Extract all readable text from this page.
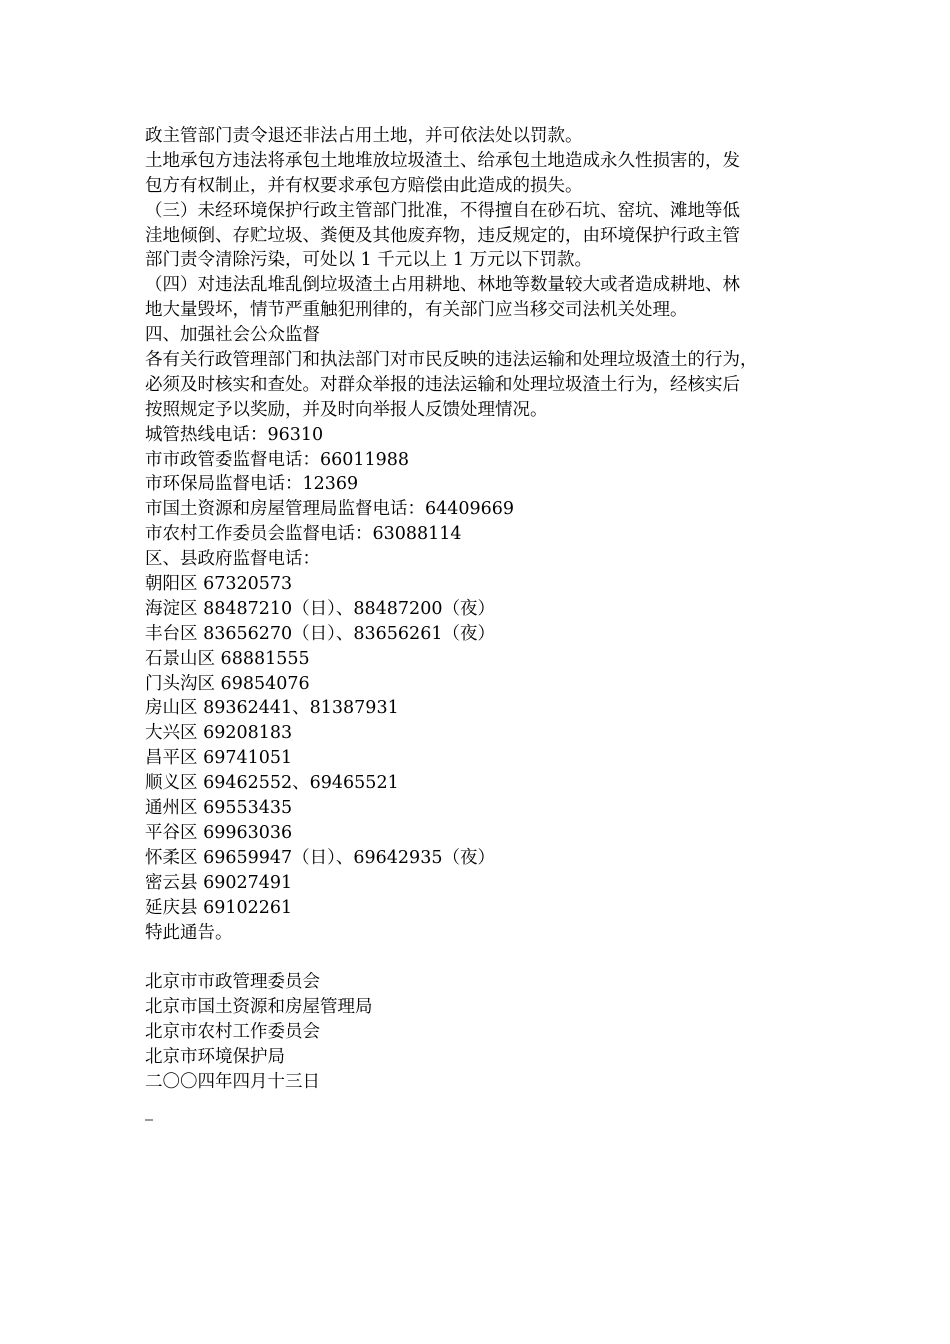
政主管部门责令退还非法占用土地，并可依法处以罚款。
土地承包方违法将承包土地堆放垃圾渣土、给承包土地造成永久性损害的，发
包方有权制止，并有权要求承包方赔偿由此造成的损失。
（三）未经环境保护行政主管部门批准，不得擅自在砂石坑、窑坑、滩地等低
洼地倾倒、存贮垃圾、粪便及其他废弃物，违反规定的，由环境保护行政主管
部门责令清除污染，可处以 1 千元以上 1 万元以下罚款。
（四）对违法乱堆乱倒垃圾渣土占用耕地、林地等数量较大或者造成耕地、林
地大量毁坏，情节严重触犯刑律的，有关部门应当移交司法机关处理。
四、加强社会公众监督
各有关行政管理部门和执法部门对市民反映的违法运输和处理垃圾渣土的行为，
必须及时核实和查处。对群众举报的违法运输和处理垃圾渣土行为，经核实后
按照规定予以奖励，并及时向举报人反馈处理情况。
城管热线电话：96310
市市政管委监督电话：66011988
市环保局监督电话：12369
市国土资源和房屋管理局监督电话：64409669
市农村工作委员会监督电话：63088114
区、县政府监督电话：
朝阳区 67320573
海淀区 88487210（日）、88487200（夜）
丰台区 83656270（日）、83656261（夜）
石景山区 68881555
门头沟区 69854076
房山区 89362441、81387931
大兴区 69208183
昌平区 69741051
顺义区 69462552、69465521
通州区 69553435
平谷区 69963036
怀柔区 69659947（日）、69642935（夜）
密云县 69027491
延庆县 69102261
特此通告。
北京市市政管理委员会
北京市国土资源和房屋管理局
北京市农村工作委员会
北京市环境保护局
二〇〇四年四月十三日
